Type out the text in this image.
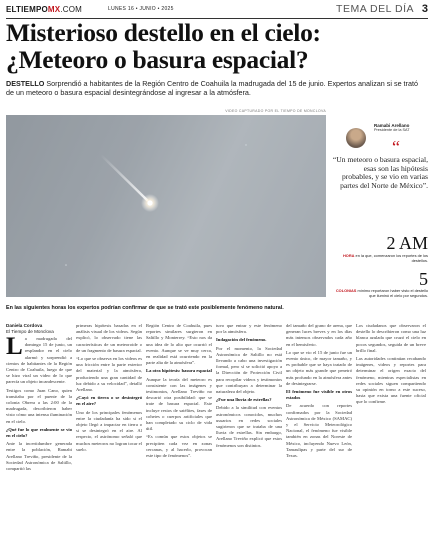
ELTIEMPOMX.COM	LUNES 16 • JUNIO • 2025	TEMA DEL DÍA 3
Misterioso destello en el cielo: ¿Meteoro o basura espacial?
DESTELLO Sorprendió a habitantes de la Región Centro de Coahuila la madrugada del 15 de junio. Expertos analizan si se trató de un meteoro o basura espacial desintegrándose al ingresar a la atmósfera.
VIDEO CAPTURADO POR EL TIEMPO DE MONCLOVA
En las siguientes horas los expertos podrían confirmar de que se trató este posiblemente fenómeno natural.
Ramabi Arellano
Presidente de la SAT
“
“Un meteoro o basura espacial, esas son las hipótesis probables, y se vio en varias partes del Norte de México”.
2 AM
HORA en la que, comenzaron los reportes de los destellos.
5
COLONIAS mínimo reportaron haber visto el destello que iluminó el cielo por segundos.
Daniela Cordova
El Tiempo de Monclova

La madrugada del domingo 15 de junio, un resplandor en el cielo alarmó y sorprendió a cientos de habitantes de la Región Centro de Coahuila, luego de que se hizo viral un video de lo que parecía un objeto incandescente.

Testigos como Juan Cano, quien transitaba por el puente de la colonia Obrera a las 2:00 de la madrugada, describieron haber visto cómo una intensa iluminación en el cielo.

¿Qué fue lo que realmente se vio en el cielo?

Ante la incertidumbre generada entre la población, Ramabi Arellano Treviño, presidente de la Sociedad Astronómica de Saltillo, compartió las

primeras hipótesis basadas en el análisis visual de los videos. Según explicó, lo observado tiene las características de un meteoroide o de un fragmento de basura espacial.

“Lo que se observa en los videos es una fricción entre la parte exterior del material y la atmósfera, produciendo una gran cantidad de luz debido a su velocidad”, detalló Arellano.

¿Cayó en tierra o se desintegró en el aire?

Uno de los principales fenómenos entre la ciudadanía ha sido si el objeto llegó a impactar en tierra o si se desintegró en el aire. Al respecto, el astrónomo señaló que muchos meteoros no logran tocar el suelo.

Región Centro de Coahuila, pues reportes similares surgieron en Saltillo y Monterrey. “Esto nos da una idea de lo alto que ocurrió el evento. Aunque se ve muy cerca, en realidad está ocurriendo en la parte alta de la atmósfera”.

La otra hipótesis: basura espacial

Aunque la teoría del meteoro es consistente con las imágenes y testimonios, Arellano Treviño no descartó otra posibilidad: que se trate de basura espacial. Este incluye restos de satélites, fases de cohetes o cuerpos artificiales que han completado su ciclo de vida útil.

“Es común que estos objetos se precipiten cada vez en zonas cercanas, y al hacerlo, provocan este tipo de fenómenos”.

tuvo que entrar y este fenómeno por la atmósfera.

Indagación del fenómeno.

Por el momento, la Sociedad Astronómica de Saltillo no está llevando a cabo una investigación formal, pero sí se solicitó apoyo a la Dirección de Protección Civil para recopilar videos y testimonios que contribuyan a determinar la naturaleza del objeto.

¿Fue una lluvia de estrellas?

Debido a la similitud con eventos astronómicos conocidos, muchos usuarios en redes sociales sugirieron que se trataba de una lluvia de estrellas. Sin embargo, Arellano Treviño explicó que estos fenómenos son distintos.

del tamaño del grano de arena, que generan luces breves y en los días más intensos observados cada año en el hemisferio.

Lo que se vio el 15 de junio fue un evento único, de mayor tamaño, y es probable que se haya tratado de un objeto más grande que penetró más profundo en la atmósfera antes de desintegrarse.

El fenómeno fue visible en otros estados

De acuerdo con reportes confirmados por la Sociedad Astronómica de México (SAMAC) y el Servicio Meteorológico Nacional, el fenómeno fue visible también en zonas del Noreste de México, incluyendo Nuevo León, Tamaulipas y parte del sur de Texas.

Los ciudadanos que observaron el destello lo describieron como una luz blanca azulada que cruzó el cielo en pocos segundos, seguida de un breve brillo final.

Las autoridades continúan recabando imágenes, videos y reportes para determinar el origen exacto del fenómeno, mientras especialistas en redes sociales siguen compartiendo su opinión en torno a este suceso, hasta que exista una fuente oficial que lo confirme.
